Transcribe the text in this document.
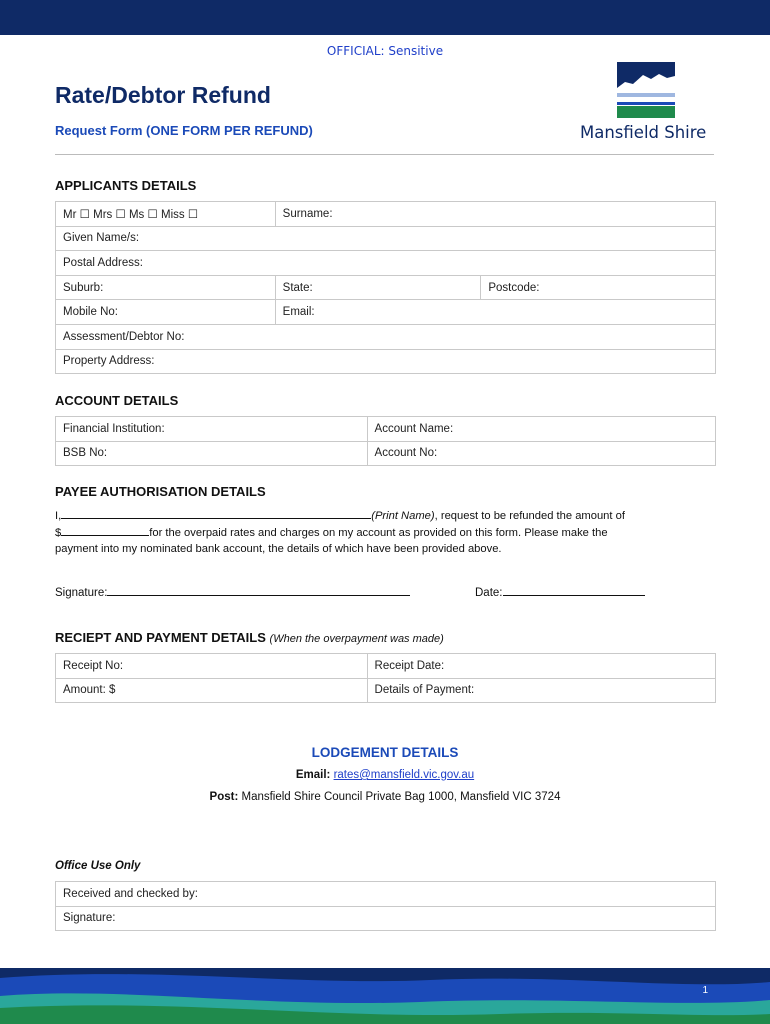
OFFICIAL: Sensitive
Rate/Debtor Refund
Request Form (ONE FORM PER REFUND)	Mansfield Shire
APPLICANTS DETAILS
Mr ☐ Mrs ☐ Ms ☐ Miss ☐	Surname:	
Given Name/s:		
Postal Address:		
Suburb:	State:	Postcode:
Mobile No:	Email:	
Assessment/Debtor No:		
Property Address:		
ACCOUNT DETAILS
Financial Institution:	Account Name:
BSB No:	Account No:
PAYEE AUTHORISATION DETAILS
I,	(Print Name), request to be refunded the amount of
$	for the overpaid rates and charges on my account as provided on this form. Please make the
payment into my nominated bank account, the details of which have been provided above.
Signature:	Date:
RECIEPT AND PAYMENT DETAILS (When the overpayment was made)
Receipt No:	Receipt Date:
Amount: $	Details of Payment:
LODGEMENT DETAILS
Email: rates@mansfield.vic.gov.au
Post: Mansfield Shire Council Private Bag 1000, Mansfield VIC 3724
Office Use Only
Received and checked by:
Signature:
1
